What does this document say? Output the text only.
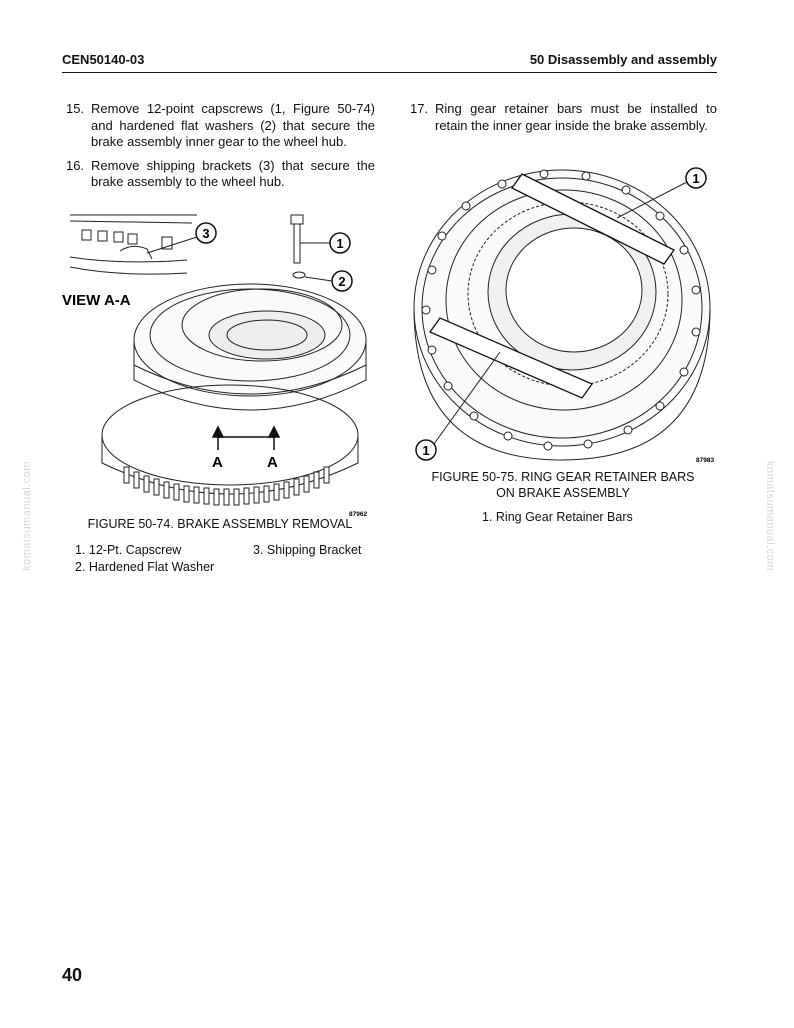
CEN50140-03	50 Disassembly and assembly
15. Remove 12-point capscrews (1, Figure 50-74) and hardened flat washers (2) that secure the brake assembly inner gear to the wheel hub.
16. Remove shipping brackets (3) that secure the brake assembly to the wheel hub.
17. Ring gear retainer bars must be installed to retain the inner gear inside the brake assembly.
3
VIEW A-A
1
2
A	A
87962
FIGURE 50-74. BRAKE ASSEMBLY REMOVAL
1. 12-Pt. Capscrew	3. Shipping Bracket
2. Hardened Flat Washer
1
1
87983
FIGURE 50-75. RING GEAR RETAINER BARS
ON BRAKE ASSEMBLY
1. Ring Gear Retainer Bars
komatsumanual.com	komatsumanual.com
40
